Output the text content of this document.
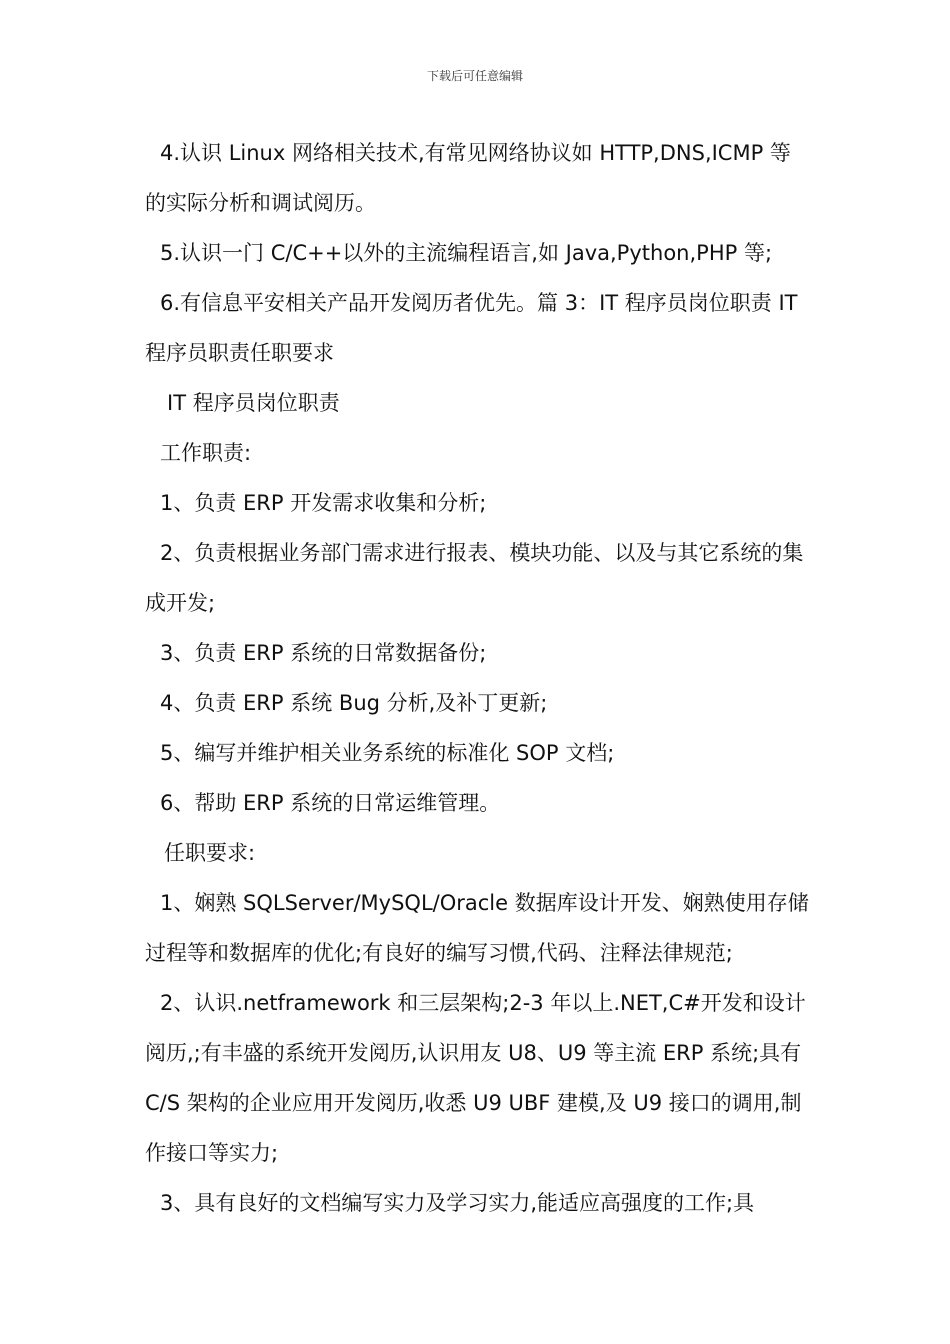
下载后可任意编辑

4.认识 Linux 网络相关技术,有常见网络协议如 HTTP,DNS,ICMP 等的实际分析和调试阅历。

5.认识一门 C/C++以外的主流编程语言,如 Java,Python,PHP 等;

6.有信息平安相关产品开发阅历者优先。篇 3：IT 程序员岗位职责 IT 程序员职责任职要求

IT 程序员岗位职责

工作职责:

1、负责 ERP 开发需求收集和分析;

2、负责根据业务部门需求进行报表、模块功能、以及与其它系统的集成开发;

3、负责 ERP 系统的日常数据备份;

4、负责 ERP 系统 Bug 分析,及补丁更新;

5、编写并维护相关业务系统的标准化 SOP 文档;

6、帮助 ERP 系统的日常运维管理。

任职要求:

1、娴熟 SQLServer/MySQL/Oracle 数据库设计开发、娴熟使用存储过程等和数据库的优化;有良好的编写习惯,代码、注释法律规范;

2、认识.netframework 和三层架构;2-3 年以上.NET,C#开发和设计阅历,;有丰盛的系统开发阅历,认识用友 U8、U9 等主流 ERP 系统;具有 C/S 架构的企业应用开发阅历,收悉 U9 UBF 建模,及 U9 接口的调用,制作接口等实力;

3、具有良好的文档编写实力及学习实力,能适应高强度的工作;具
